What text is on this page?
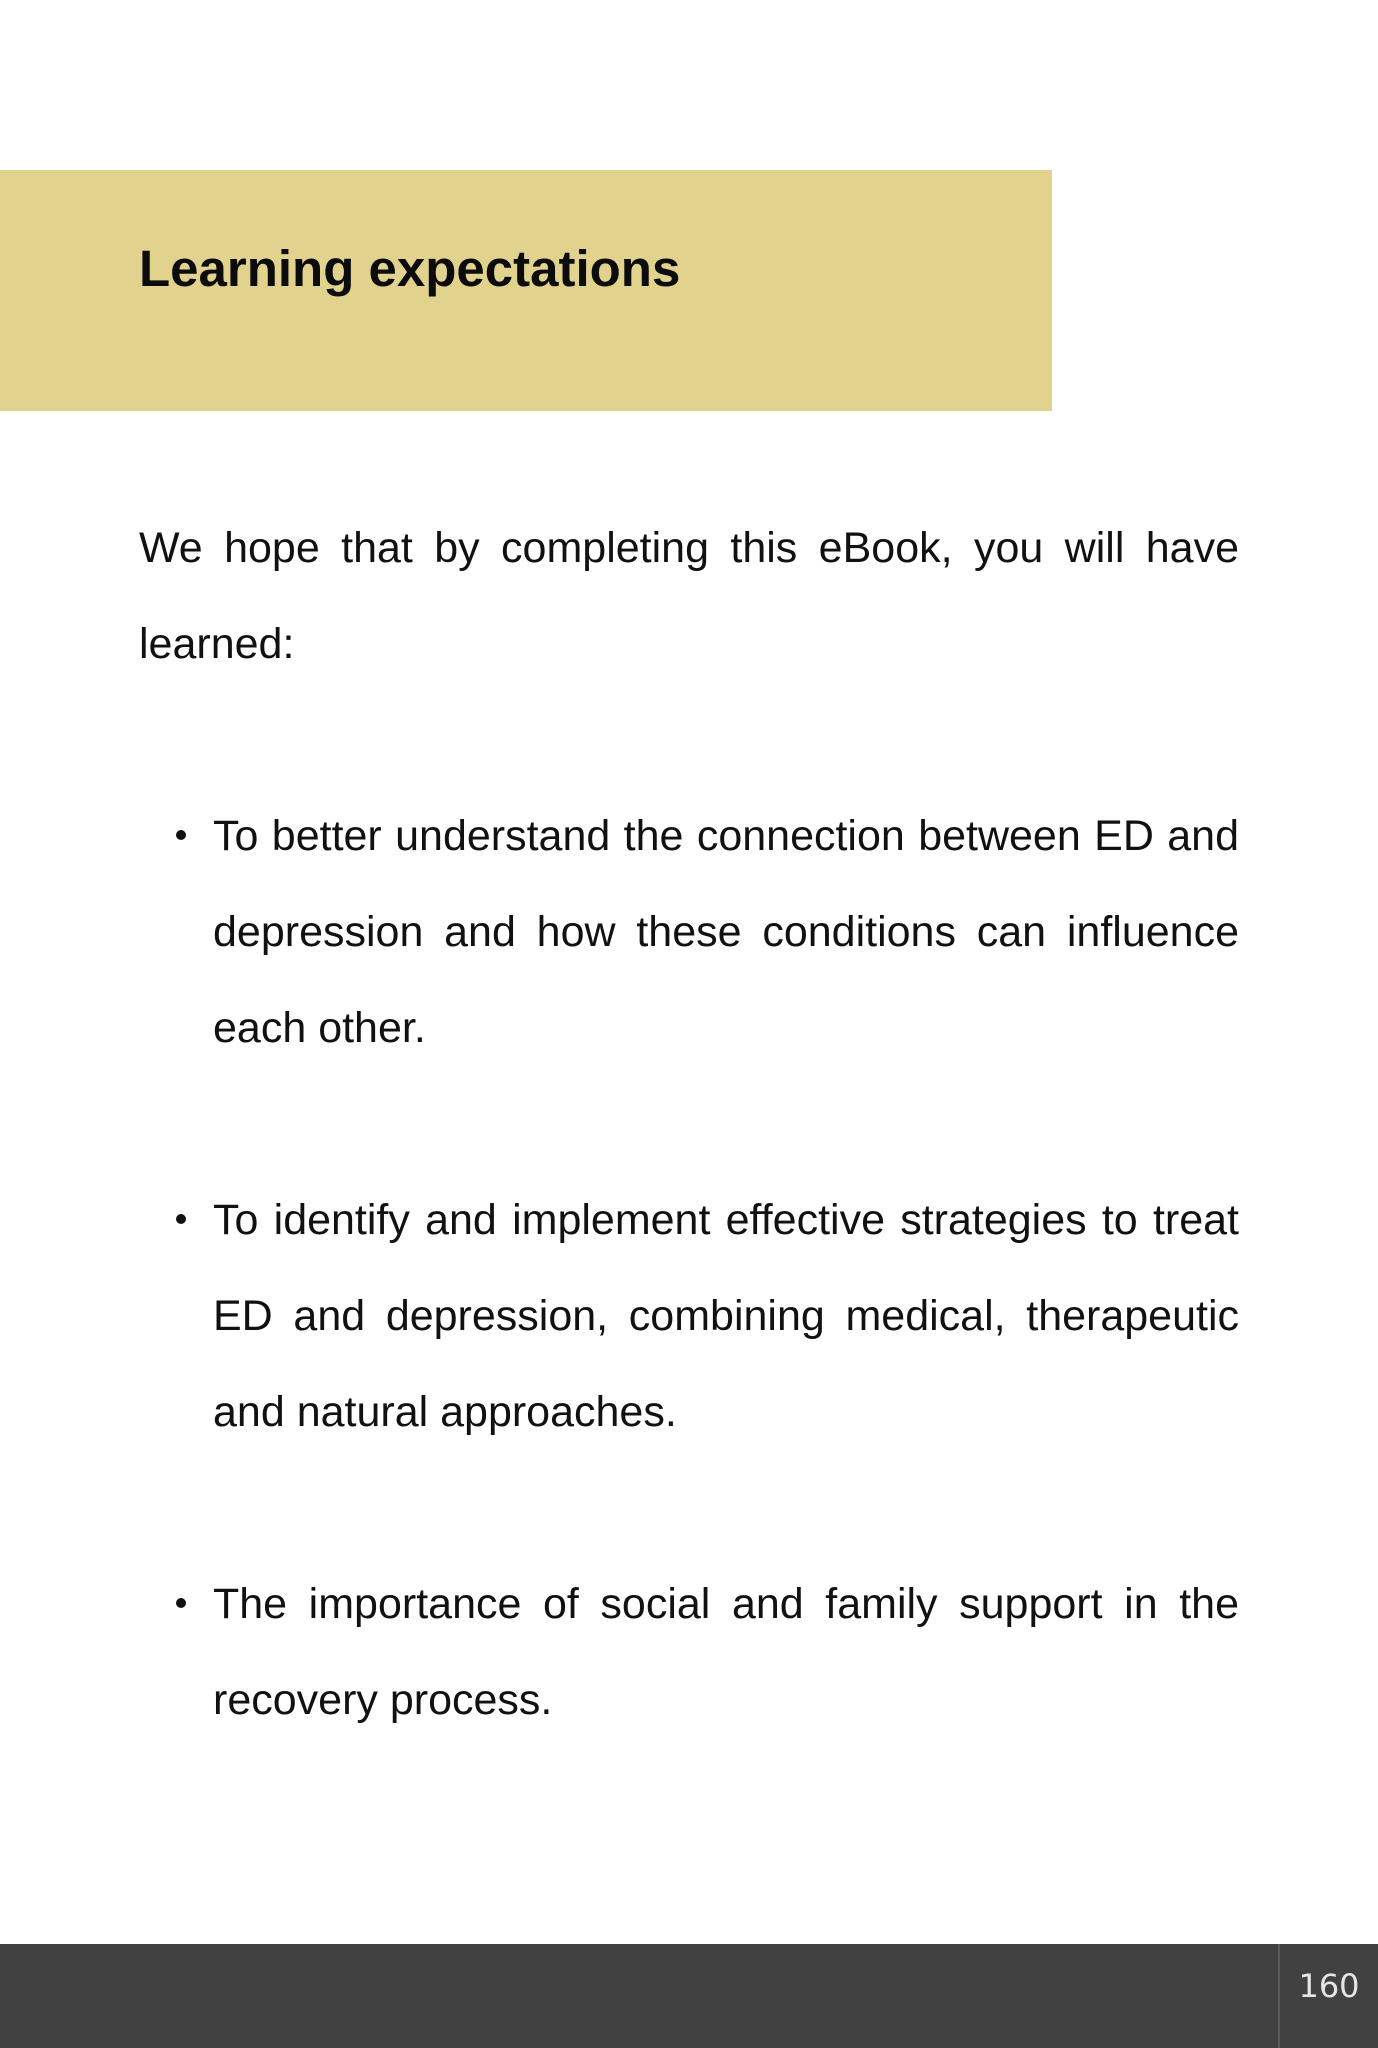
Learning expectations

We hope that by completing this eBook, you will have learned:

To better understand the connection between ED and depression and how these conditions can influence each other.
To identify and implement effective strategies to treat ED and depression, combining medical, therapeutic and natural approaches.
The importance of social and family support in the recovery process.
160
